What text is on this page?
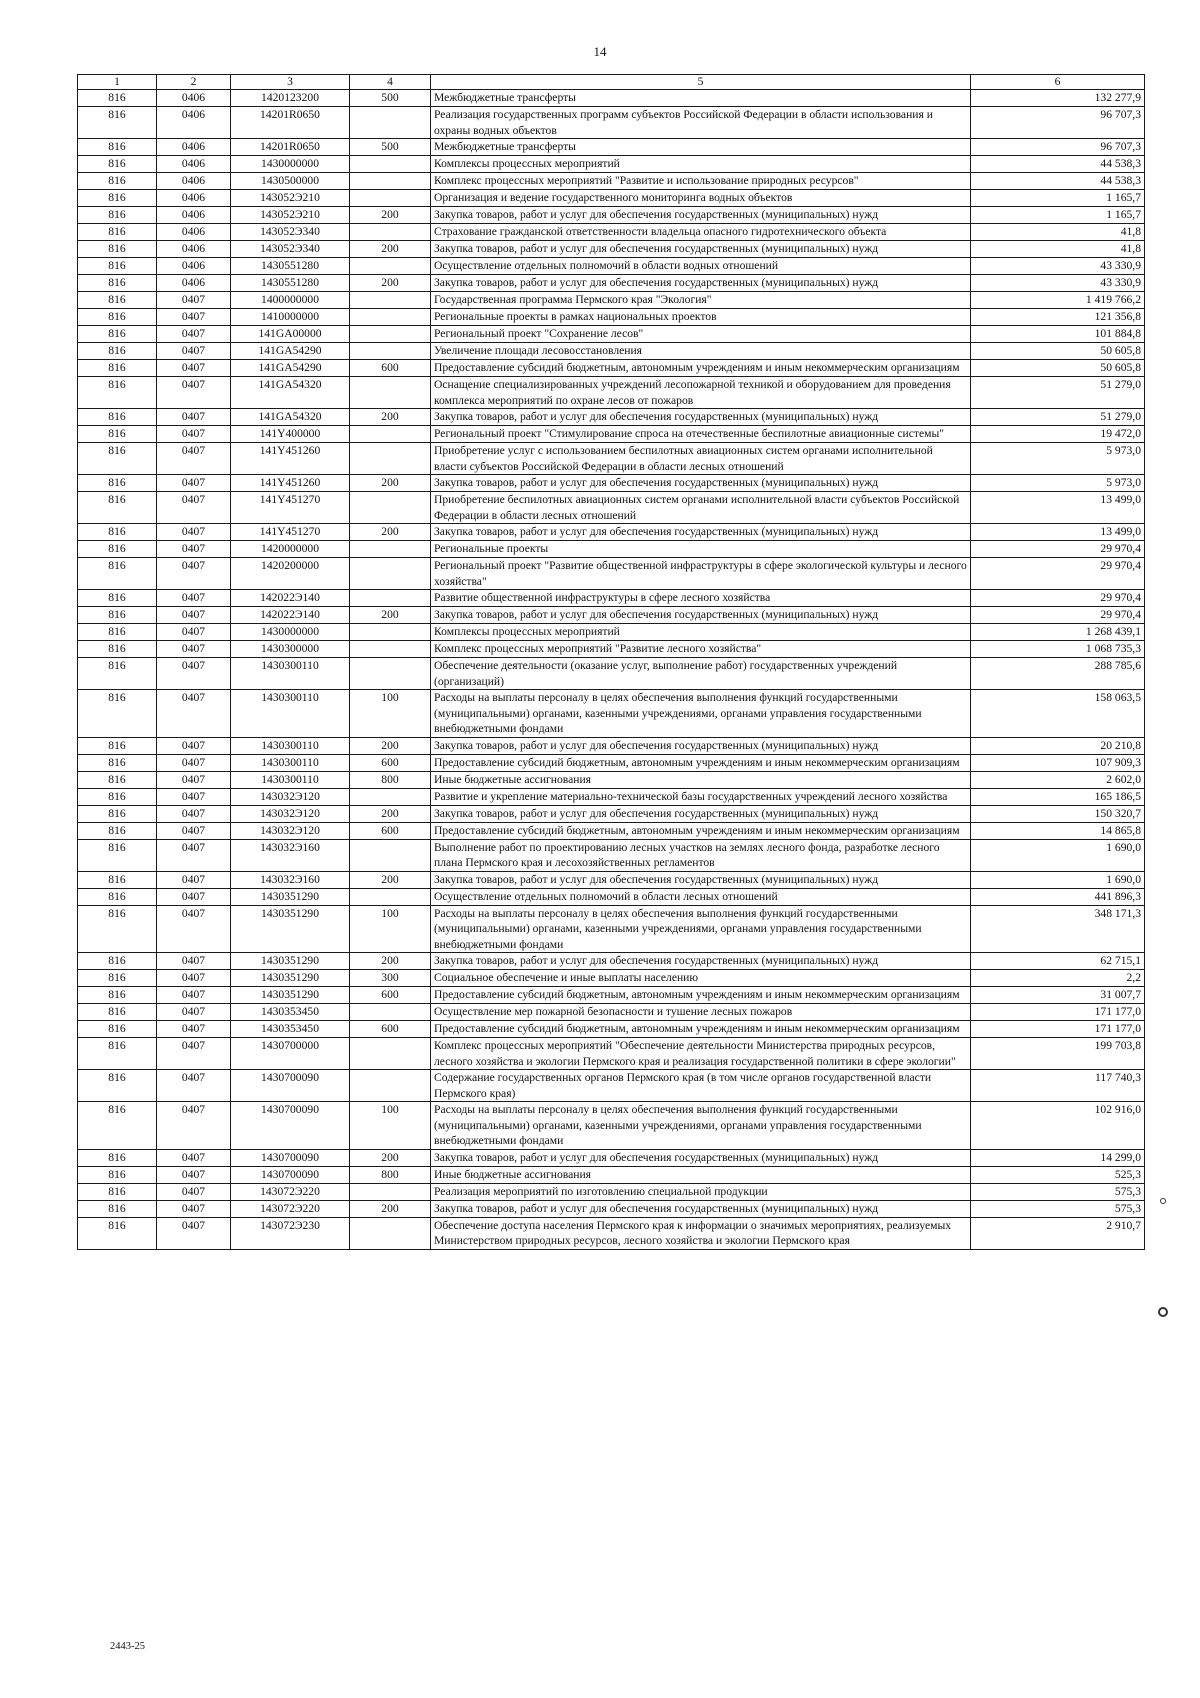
14
1	2	3	4	5	6
816	0406	1420123200	500	Межбюджетные трансферты	132 277,9
816	0406	14201R0650		Реализация государственных программ субъектов Российской Федерации в области использования и охраны водных объектов	96 707,3
816	0406	14201R0650	500	Межбюджетные трансферты	96 707,3
816	0406	1430000000		Комплексы процессных мероприятий	44 538,3
816	0406	1430500000		Комплекс процессных мероприятий "Развитие и использование природных ресурсов"	44 538,3
816	0406	143052Э210		Организация и ведение государственного мониторинга водных объектов	1 165,7
816	0406	143052Э210	200	Закупка товаров, работ и услуг для обеспечения государственных (муниципальных) нужд	1 165,7
816	0406	143052Э340		Страхование гражданской ответственности владельца опасного гидротехнического объекта	41,8
816	0406	143052Э340	200	Закупка товаров, работ и услуг для обеспечения государственных (муниципальных) нужд	41,8
816	0406	1430551280		Осуществление отдельных полномочий в области водных отношений	43 330,9
816	0406	1430551280	200	Закупка товаров, работ и услуг для обеспечения государственных (муниципальных) нужд	43 330,9
816	0407	1400000000		Государственная программа Пермского края "Экология"	1 419 766,2
816	0407	1410000000		Региональные проекты в рамках национальных проектов	121 356,8
816	0407	141GA00000		Региональный проект "Сохранение лесов"	101 884,8
816	0407	141GA54290		Увеличение площади лесовосстановления	50 605,8
816	0407	141GA54290	600	Предоставление субсидий бюджетным, автономным учреждениям и иным некоммерческим организациям	50 605,8
816	0407	141GA54320		Оснащение специализированных учреждений лесопожарной техникой и оборудованием для проведения комплекса мероприятий по охране лесов от пожаров	51 279,0
816	0407	141GA54320	200	Закупка товаров, работ и услуг для обеспечения государственных (муниципальных) нужд	51 279,0
816	0407	141Y400000		Региональный проект "Стимулирование спроса на отечественные беспилотные авиационные системы"	19 472,0
816	0407	141Y451260		Приобретение услуг с использованием беспилотных авиационных систем органами исполнительной власти субъектов Российской Федерации в области лесных отношений	5 973,0
816	0407	141Y451260	200	Закупка товаров, работ и услуг для обеспечения государственных (муниципальных) нужд	5 973,0
816	0407	141Y451270		Приобретение беспилотных авиационных систем органами исполнительной власти субъектов Российской Федерации в области лесных отношений	13 499,0
816	0407	141Y451270	200	Закупка товаров, работ и услуг для обеспечения государственных (муниципальных) нужд	13 499,0
816	0407	1420000000		Региональные проекты	29 970,4
816	0407	1420200000		Региональный проект "Развитие общественной инфраструктуры в сфере экологической культуры и лесного хозяйства"	29 970,4
816	0407	142022Э140		Развитие общественной инфраструктуры в сфере лесного хозяйства	29 970,4
816	0407	142022Э140	200	Закупка товаров, работ и услуг для обеспечения государственных (муниципальных) нужд	29 970,4
816	0407	1430000000		Комплексы процессных мероприятий	1 268 439,1
816	0407	1430300000		Комплекс процессных мероприятий "Развитие лесного хозяйства"	1 068 735,3
816	0407	1430300110		Обеспечение деятельности (оказание услуг, выполнение работ) государственных учреждений (организаций)	288 785,6
816	0407	1430300110	100	Расходы на выплаты персоналу в целях обеспечения выполнения функций государственными (муниципальными) органами, казенными учреждениями, органами управления государственными внебюджетными фондами	158 063,5
816	0407	1430300110	200	Закупка товаров, работ и услуг для обеспечения государственных (муниципальных) нужд	20 210,8
816	0407	1430300110	600	Предоставление субсидий бюджетным, автономным учреждениям и иным некоммерческим организациям	107 909,3
816	0407	1430300110	800	Иные бюджетные ассигнования	2 602,0
816	0407	143032Э120		Развитие и укрепление материально-технической базы государственных учреждений лесного хозяйства	165 186,5
816	0407	143032Э120	200	Закупка товаров, работ и услуг для обеспечения государственных (муниципальных) нужд	150 320,7
816	0407	143032Э120	600	Предоставление субсидий бюджетным, автономным учреждениям и иным некоммерческим организациям	14 865,8
816	0407	143032Э160		Выполнение работ по проектированию лесных участков на землях лесного фонда, разработке лесного плана Пермского края и лесохозяйственных регламентов	1 690,0
816	0407	143032Э160	200	Закупка товаров, работ и услуг для обеспечения государственных (муниципальных) нужд	1 690,0
816	0407	1430351290		Осуществление отдельных полномочий в области лесных отношений	441 896,3
816	0407	1430351290	100	Расходы на выплаты персоналу в целях обеспечения выполнения функций государственными (муниципальными) органами, казенными учреждениями, органами управления государственными внебюджетными фондами	348 171,3
816	0407	1430351290	200	Закупка товаров, работ и услуг для обеспечения государственных (муниципальных) нужд	62 715,1
816	0407	1430351290	300	Социальное обеспечение и иные выплаты населению	2,2
816	0407	1430351290	600	Предоставление субсидий бюджетным, автономным учреждениям и иным некоммерческим организациям	31 007,7
816	0407	1430353450		Осуществление мер пожарной безопасности и тушение лесных пожаров	171 177,0
816	0407	1430353450	600	Предоставление субсидий бюджетным, автономным учреждениям и иным некоммерческим организациям	171 177,0
816	0407	1430700000		Комплекс процессных мероприятий "Обеспечение деятельности Министерства природных ресурсов, лесного хозяйства и экологии Пермского края и реализация государственной политики в сфере экологии"	199 703,8
816	0407	1430700090		Содержание государственных органов Пермского края (в том числе органов государственной власти Пермского края)	117 740,3
816	0407	1430700090	100	Расходы на выплаты персоналу в целях обеспечения выполнения функций государственными (муниципальными) органами, казенными учреждениями, органами управления государственными внебюджетными фондами	102 916,0
816	0407	1430700090	200	Закупка товаров, работ и услуг для обеспечения государственных (муниципальных) нужд	14 299,0
816	0407	1430700090	800	Иные бюджетные ассигнования	525,3
816	0407	143072Э220		Реализация мероприятий по изготовлению специальной продукции	575,3
816	0407	143072Э220	200	Закупка товаров, работ и услуг для обеспечения государственных (муниципальных) нужд	575,3
816	0407	143072Э230		Обеспечение доступа населения Пермского края к информации о значимых мероприятиях, реализуемых Министерством природных ресурсов, лесного хозяйства и экологии Пермского края	2 910,7
2443-25
